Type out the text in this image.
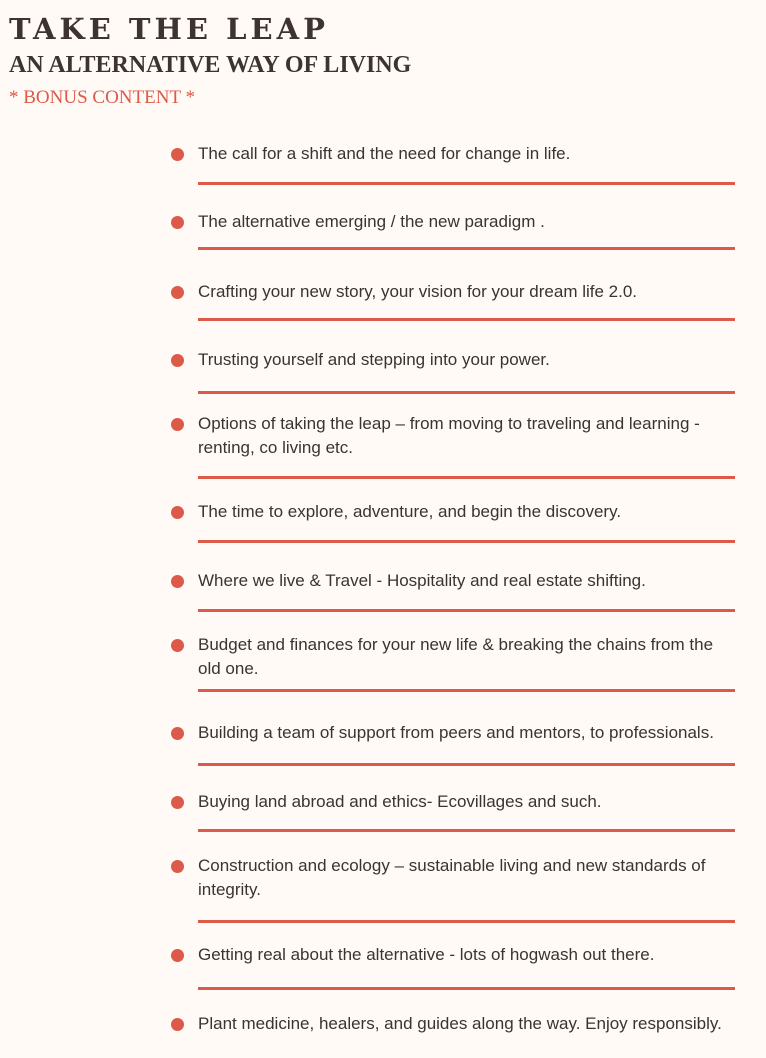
TAKE THE LEAP
AN ALTERNATIVE WAY OF LIVING
* BONUS CONTENT *
The call for a shift and the need for change in life.
The alternative emerging / the new paradigm .
Crafting your new story, your vision for your dream life 2.0.
Trusting yourself and stepping into your power.
Options of taking the leap – from moving to traveling and learning - renting, co living etc.
The time to explore, adventure, and begin the discovery.
Where we live & Travel - Hospitality and real estate shifting.
Budget and finances for your new life & breaking the chains from the old one.
Building a team of support from peers and mentors, to professionals.
Buying land abroad and ethics- Ecovillages and such.
Construction and ecology – sustainable living and new standards of integrity.
Getting real about the alternative - lots of hogwash out there.
Plant medicine, healers, and guides along the way. Enjoy responsibly.
